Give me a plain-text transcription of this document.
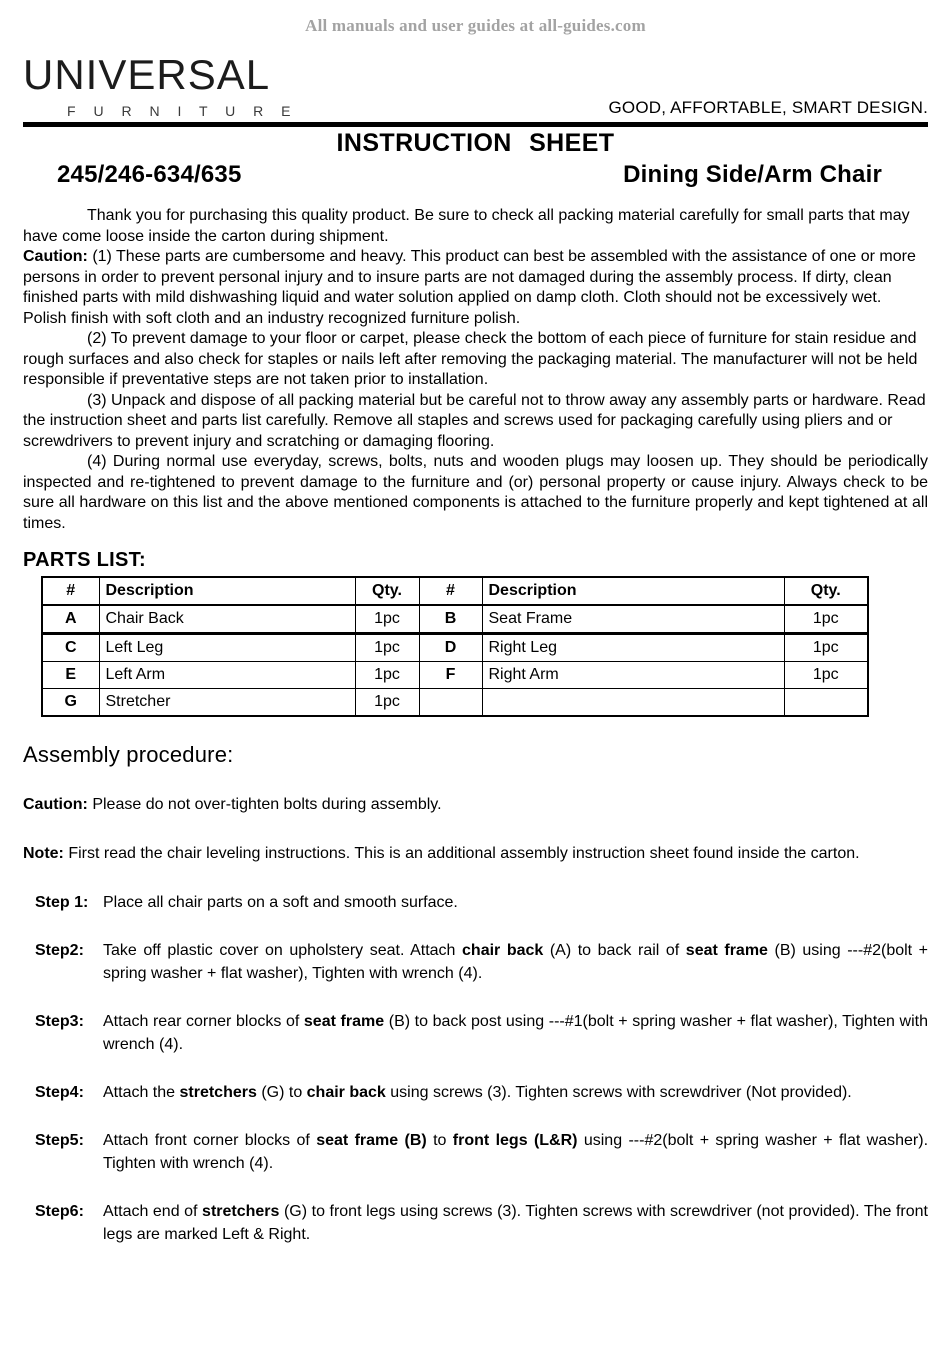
All manuals and user guides at all-guides.com
UNIVERSAL
F U R N I T U R E	GOOD, AFFORTABLE, SMART DESIGN.
INSTRUCTION SHEET
245/246-634/635	Dining Side/Arm Chair
Thank you for purchasing this quality product. Be sure to check all packing material carefully for small parts that may have come loose inside the carton during shipment.
Caution: (1) These parts are cumbersome and heavy. This product can best be assembled with the assistance of one or more persons in order to prevent personal injury and to insure parts are not damaged during the assembly process. If dirty, clean finished parts with mild dishwashing liquid and water solution applied on damp cloth. Cloth should not be excessively wet. Polish finish with soft cloth and an industry recognized furniture polish.
(2) To prevent damage to your floor or carpet, please check the bottom of each piece of furniture for stain residue and rough surfaces and also check for staples or nails left after removing the packaging material. The manufacturer will not be held responsible if preventative steps are not taken prior to installation.
(3) Unpack and dispose of all packing material but be careful not to throw away any assembly parts or hardware. Read the instruction sheet and parts list carefully. Remove all staples and screws used for packaging carefully using pliers and or screwdrivers to prevent injury and scratching or damaging flooring.
(4) During normal use everyday, screws, bolts, nuts and wooden plugs may loosen up. They should be periodically inspected and re-tightened to prevent damage to the furniture and (or) personal property or cause injury. Always check to be sure all hardware on this list and the above mentioned components is attached to the furniture properly and kept tightened at all times.
PARTS LIST:
#	Description	Qty.	#	Description	Qty.
A	Chair Back	1pc	B	Seat Frame	1pc
C	Left Leg	1pc	D	Right Leg	1pc
E	Left Arm	1pc	F	Right Arm	1pc
G	Stretcher	1pc			
Assembly procedure:
Caution: Please do not over-tighten bolts during assembly.
Note: First read the chair leveling instructions. This is an additional assembly instruction sheet found inside the carton.
Step 1: Place all chair parts on a soft and smooth surface.
Step2: Take off plastic cover on upholstery seat. Attach chair back (A) to back rail of seat frame (B) using ---#2(bolt + spring washer + flat washer), Tighten with wrench (4).
Step3: Attach rear corner blocks of seat frame (B) to back post using ---#1(bolt + spring washer + flat washer), Tighten with wrench (4).
Step4: Attach the stretchers (G) to chair back using screws (3). Tighten screws with screwdriver (Not provided).
Step5: Attach front corner blocks of seat frame (B) to front legs (L&R) using ---#2(bolt + spring washer + flat washer). Tighten with wrench (4).
Step6: Attach end of stretchers (G) to front legs using screws (3). Tighten screws with screwdriver (not provided). The front legs are marked Left & Right.
